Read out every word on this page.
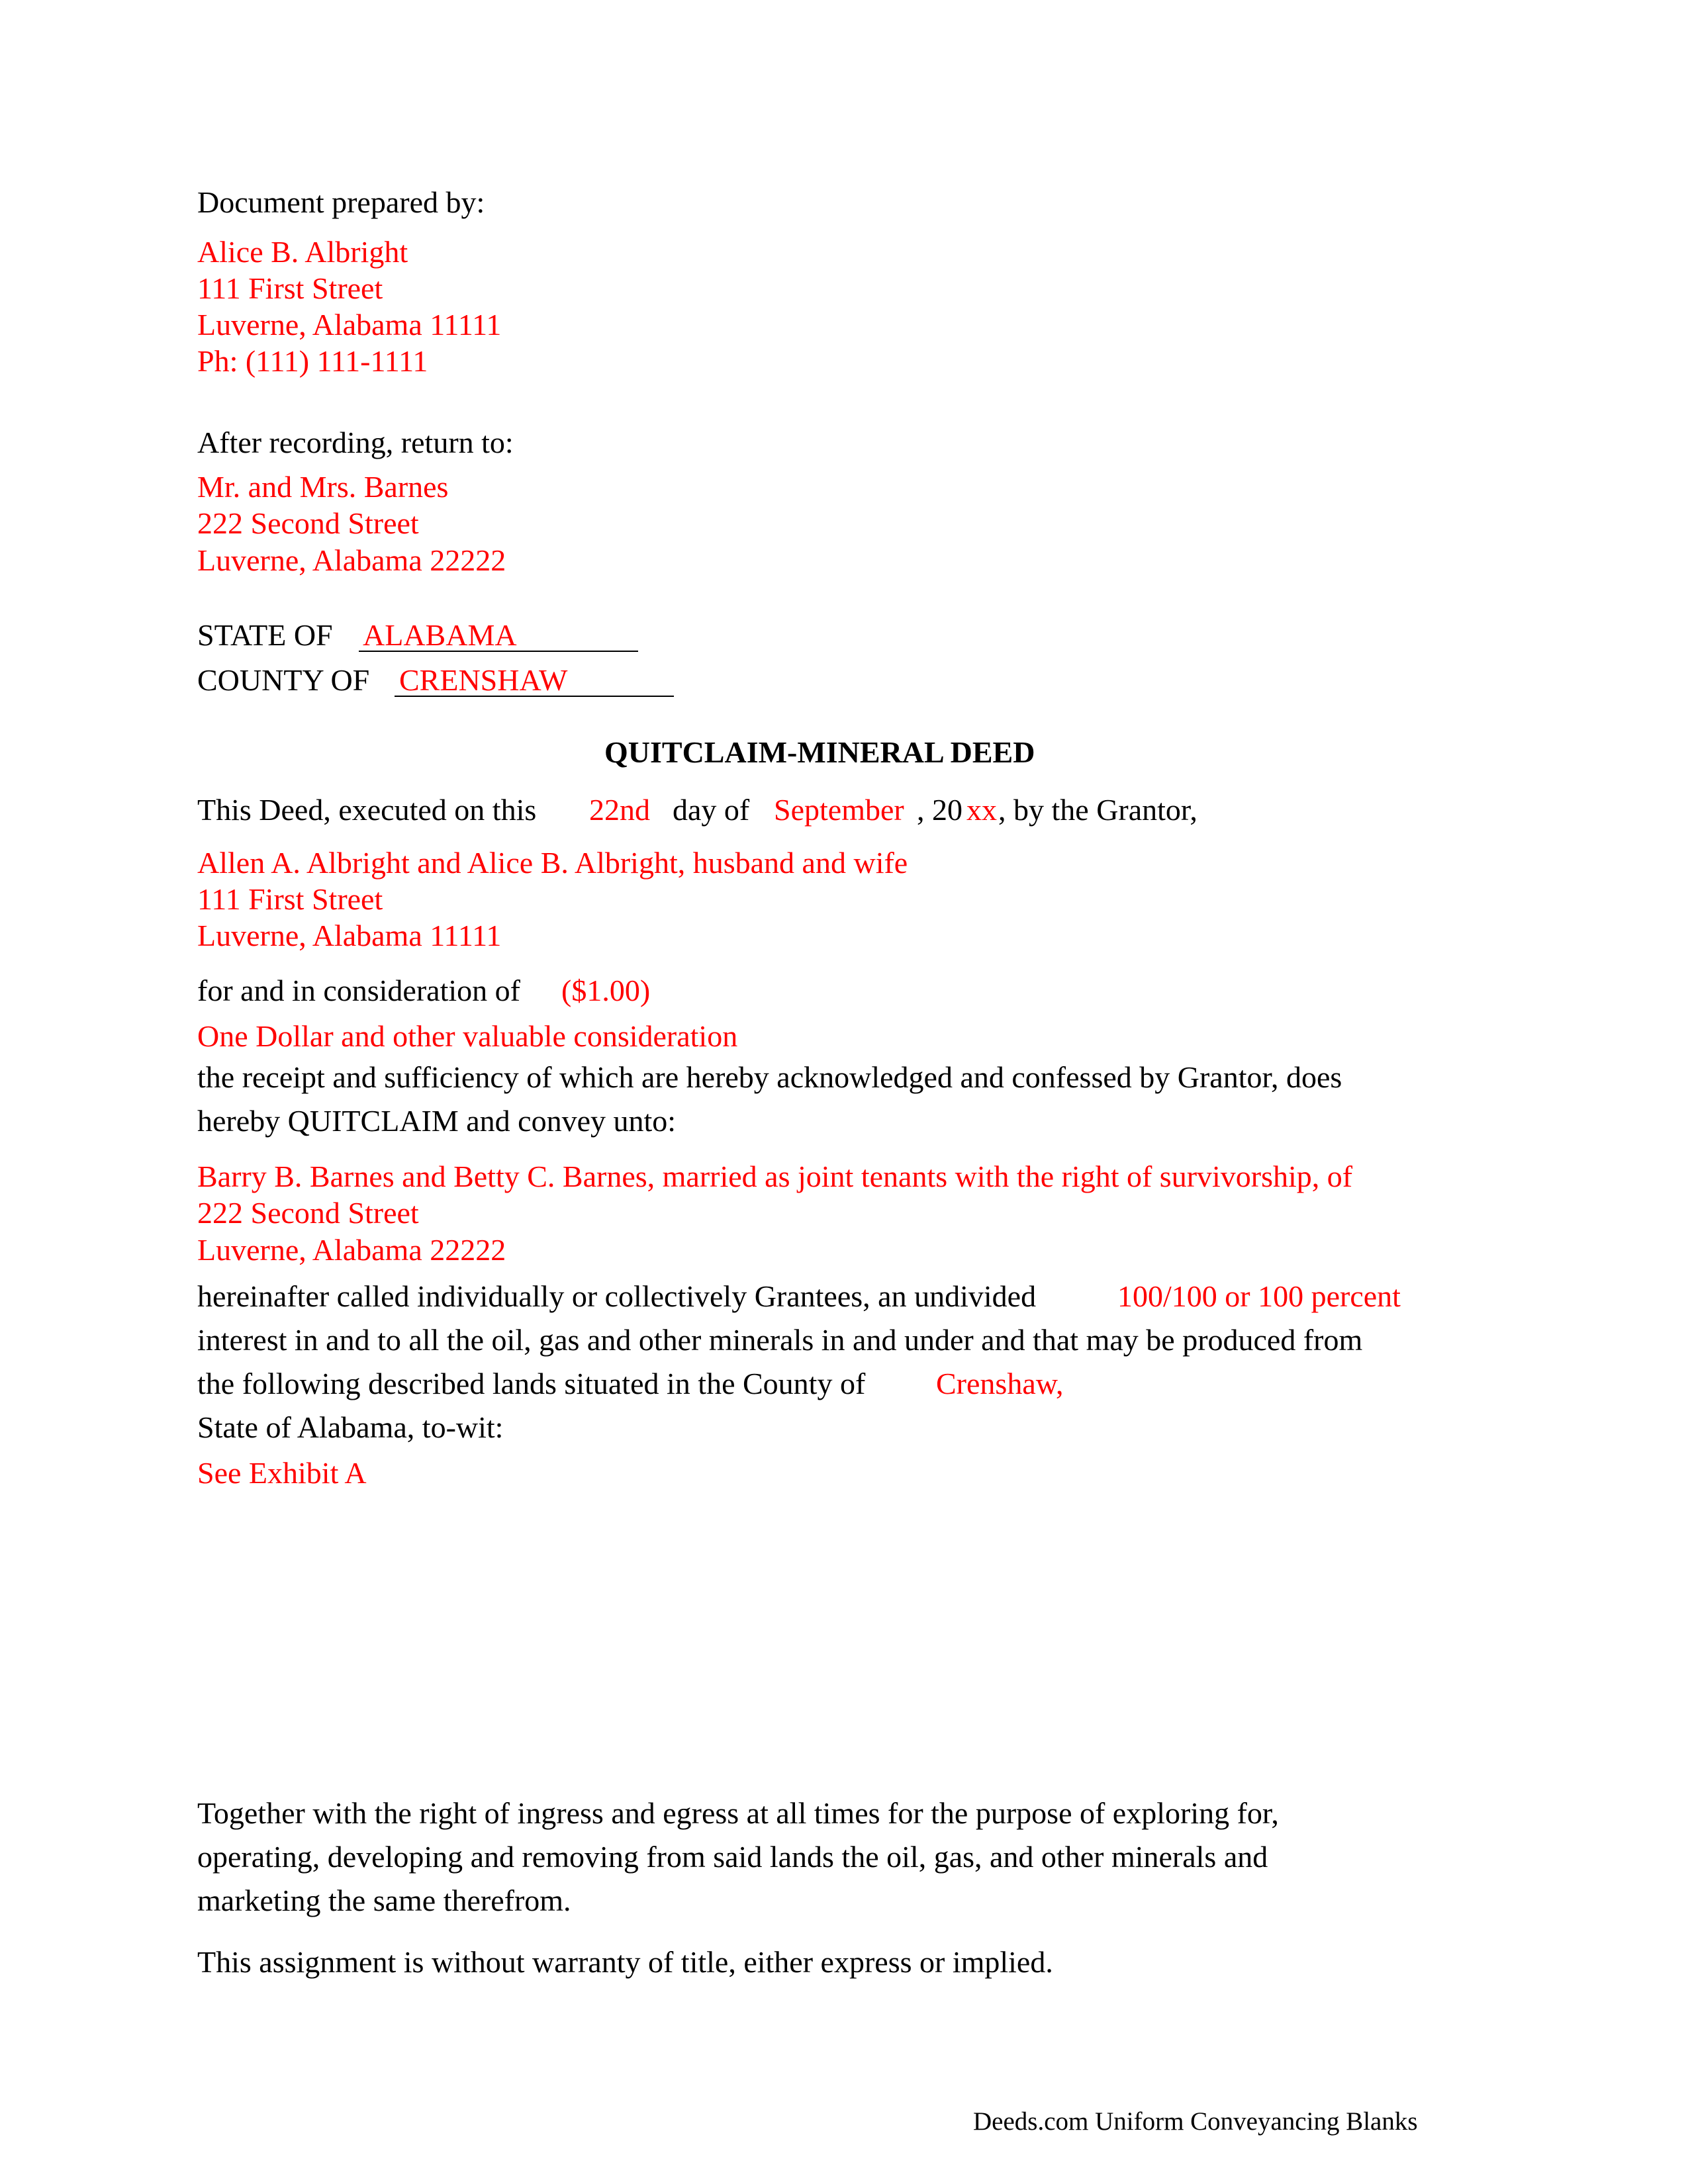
Document prepared by:
Alice B. Albright
111 First Street
Luverne, Alabama 11111
Ph: (111) 111-1111
After recording, return to:
Mr. and Mrs. Barnes
222 Second Street
Luverne, Alabama 22222
STATE OF ALABAMA
COUNTY OF CRENSHAW
QUITCLAIM-MINERAL DEED
This Deed, executed on this 22nd day of September , 20 xx , by the Grantor,
Allen A. Albright and Alice B. Albright, husband and wife
111 First Street
Luverne, Alabama 11111
for and in consideration of ($1.00)
One Dollar and other valuable consideration
the receipt and sufficiency of which are hereby acknowledged and confessed by Grantor, does
hereby QUITCLAIM and convey unto:
Barry B. Barnes and Betty C. Barnes, married as joint tenants with the right of survivorship, of
222 Second Street
Luverne, Alabama 22222
hereinafter called individually or collectively Grantees, an undivided	100/100 or 100 percent
interest in and to all the oil, gas and other minerals in and under and that may be produced from
the following described lands situated in the County of Crenshaw,
State of Alabama, to-wit:
See Exhibit A
Together with the right of ingress and egress at all times for the purpose of exploring for,
operating, developing and removing from said lands the oil, gas, and other minerals and
marketing the same therefrom.
This assignment is without warranty of title, either express or implied.
Deeds.com Uniform Conveyancing Blanks
